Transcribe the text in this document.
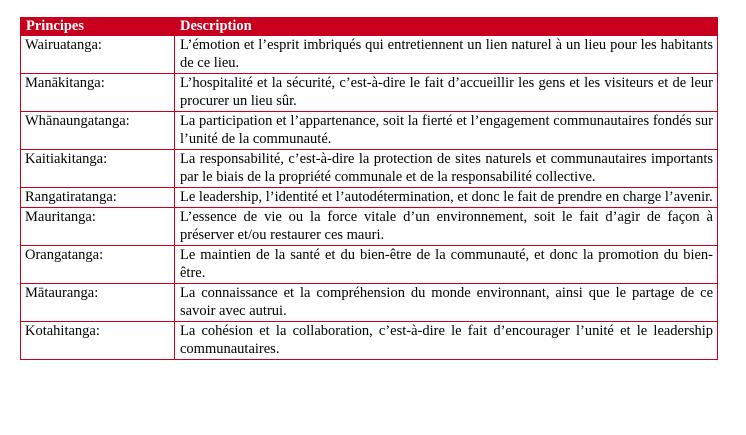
Principes	Description
Wairuatanga:	L’émotion et l’esprit imbriqués qui entretiennent un lien naturel à un lieu pour les habitants de ce lieu.
Manākitanga:	L’hospitalité et la sécurité, c’est-à-dire le fait d’accueillir les gens et les visiteurs et de leur procurer un lieu sûr.
Whānaungatanga:	La participation et l’appartenance, soit la fierté et l’engagement communautaires fondés sur l’unité de la communauté.
Kaitiakitanga:	La responsabilité, c’est-à-dire la protection de sites naturels et communautaires importants par le biais de la propriété communale et de la responsabilité collective.
Rangatiratanga:	Le leadership, l’identité et l’autodétermination, et donc le fait de prendre en charge l’avenir.
Mauritanga:	L’essence de vie ou la force vitale d’un environnement, soit le fait d’agir de façon à préserver et/ou restaurer ces mauri.
Orangatanga:	Le maintien de la santé et du bien-être de la communauté, et donc la promotion du bien-être.
Mātauranga:	La connaissance et la compréhension du monde environnant, ainsi que le partage de ce savoir avec autrui.
Kotahitanga:	La cohésion et la collaboration, c’est-à-dire le fait d’encourager l’unité et le leadership communautaires.
